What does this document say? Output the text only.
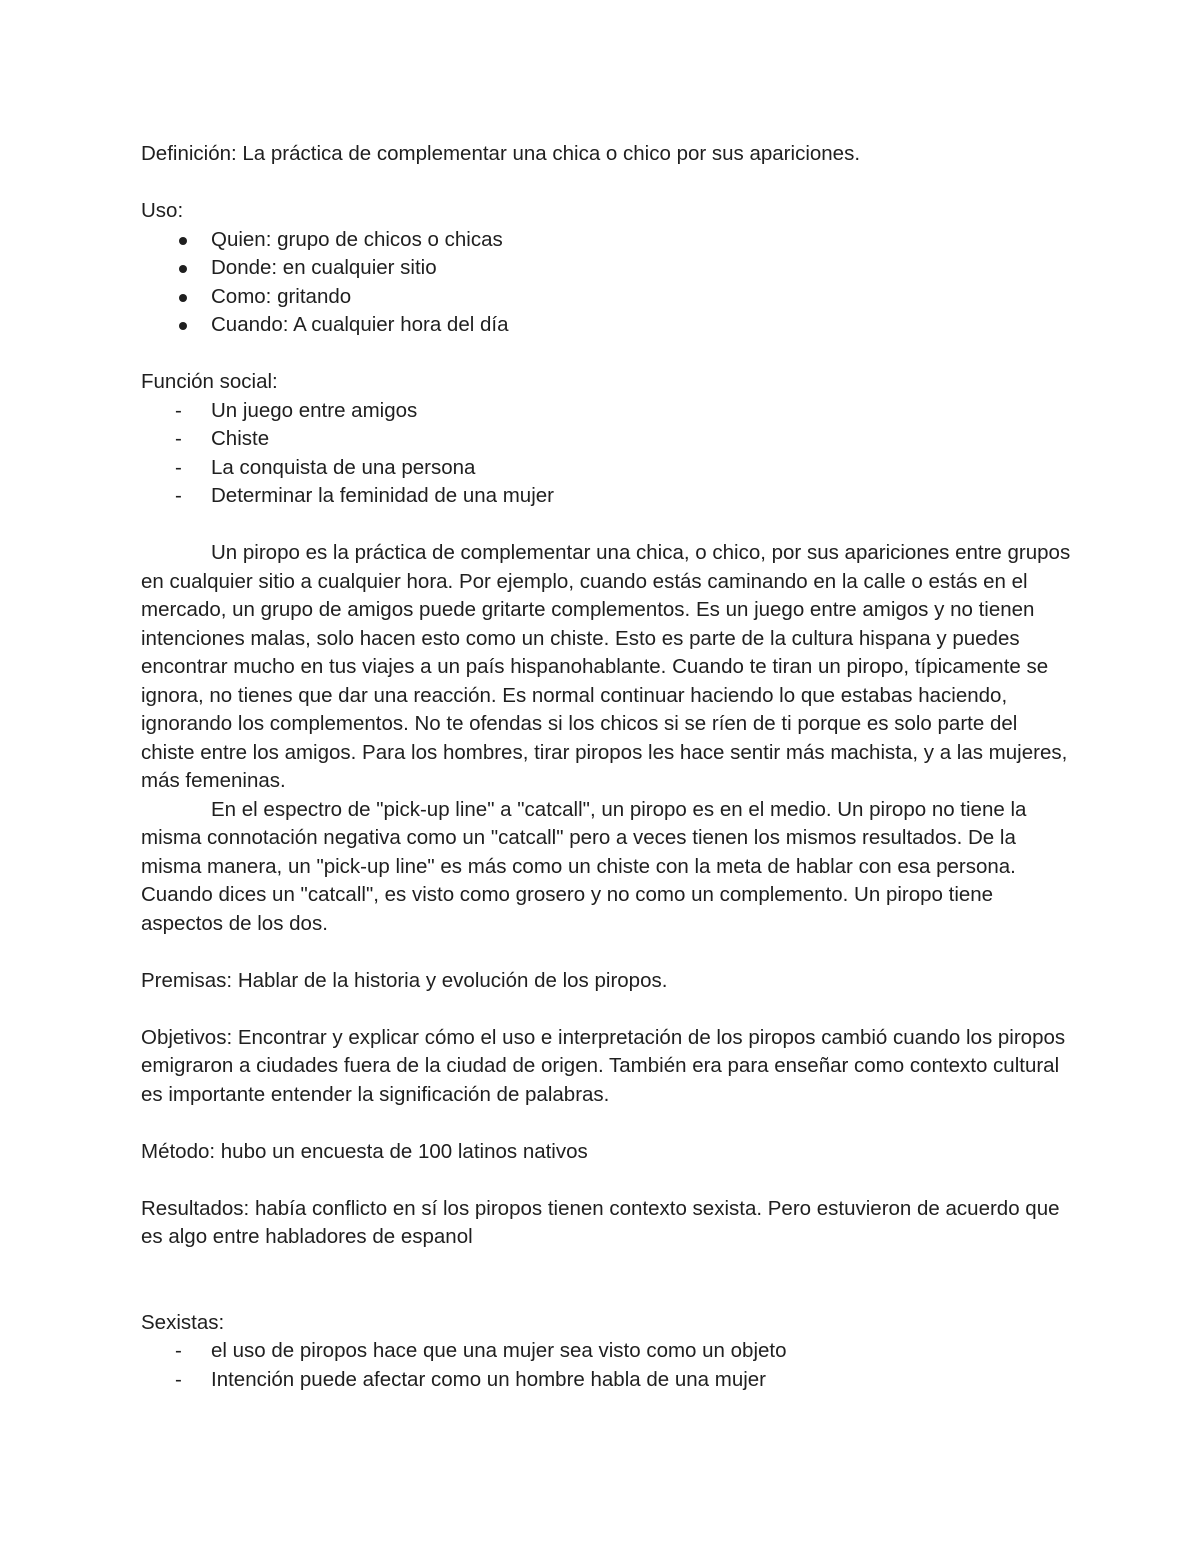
Definición: La práctica de complementar una chica o chico por sus apariciones.

Uso:

Quien: grupo de chicos o chicas
Donde: en cualquier sitio
Como: gritando
Cuando: A cualquier hora del día

Función social:

- Un juego entre amigos
- Chiste
- La conquista de una persona
- Determinar la feminidad de una mujer

Un piropo es la práctica de complementar una chica, o chico, por sus apariciones entre grupos en cualquier sitio a cualquier hora. Por ejemplo, cuando estás caminando en la calle o estás en el mercado, un grupo de amigos puede gritarte complementos. Es un juego entre amigos y no tienen intenciones malas, solo hacen esto como un chiste. Esto es parte de la cultura hispana y puedes encontrar mucho en tus viajes a un país hispanohablante. Cuando te tiran un piropo, típicamente se ignora, no tienes que dar una reacción. Es normal continuar haciendo lo que estabas haciendo, ignorando los complementos. No te ofendas si los chicos si se ríen de ti porque es solo parte del chiste entre los amigos. Para los hombres, tirar piropos les hace sentir más machista, y a las mujeres, más femeninas.

En el espectro de "pick-up line" a "catcall", un piropo es en el medio. Un piropo no tiene la misma connotación negativa como un "catcall" pero a veces tienen los mismos resultados. De la misma manera, un "pick-up line" es más como un chiste con la meta de hablar con esa persona. Cuando dices un "catcall", es visto como grosero y no como un complemento. Un piropo tiene aspectos de los dos.

Premisas: Hablar de la historia y evolución de los piropos.

Objetivos: Encontrar y explicar cómo el uso e interpretación de los piropos cambió cuando los piropos emigraron a ciudades fuera de la ciudad de origen. También era para enseñar como contexto cultural es importante entender la significación de palabras.

Método: hubo un encuesta de 100 latinos nativos

Resultados: había conflicto en sí los piropos tienen contexto sexista. Pero estuvieron de acuerdo que es algo entre habladores de espanol

Sexistas:

- el uso de piropos hace que una mujer sea visto como un objeto
- Intención puede afectar como un hombre habla de una mujer
